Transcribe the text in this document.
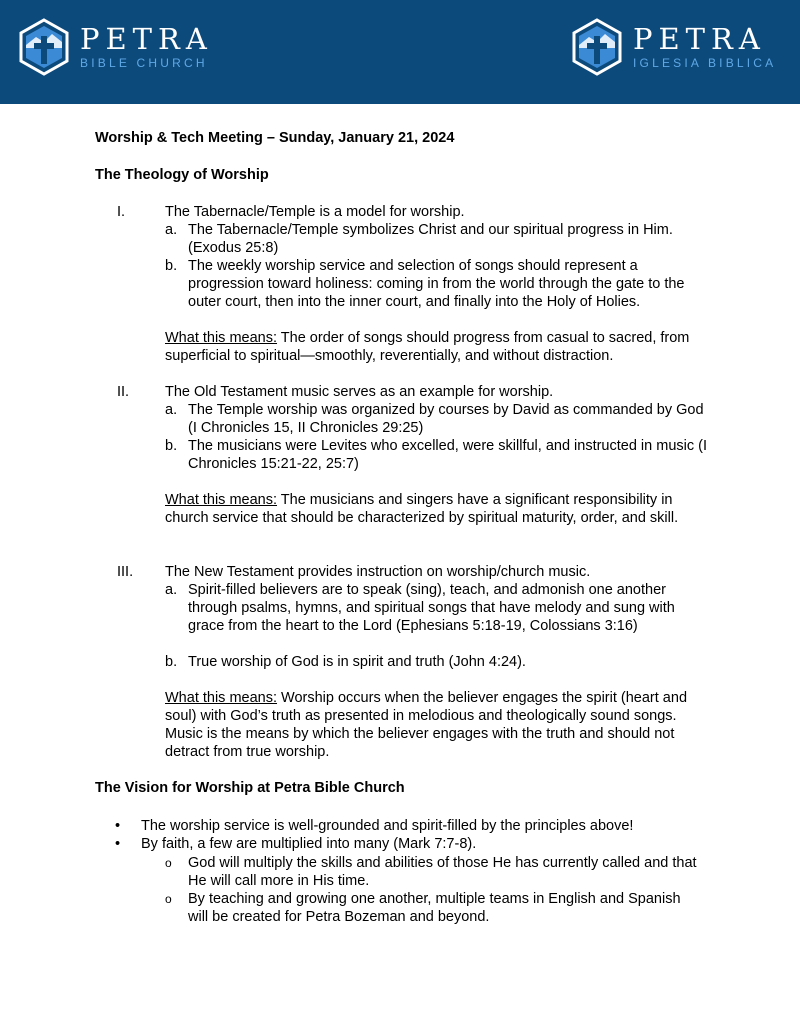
PETRA
BIBLE CHURCH
PETRA
IGLESIA BIBLICA

Worship & Tech Meeting – Sunday, January 21, 2024

The Theology of Worship

I.	The Tabernacle/Temple is a model for worship.
a. The Tabernacle/Temple symbolizes Christ and our spiritual progress in Him. (Exodus 25:8)
b. The weekly worship service and selection of songs should represent a progression toward holiness: coming in from the world through the gate to the outer court, then into the inner court, and finally into the Holy of Holies.
What this means: The order of songs should progress from casual to sacred, from superficial to spiritual—smoothly, reverentially, and without distraction.
II. The Old Testament music serves as an example for worship.
a. The Temple worship was organized by courses by David as commanded by God (I Chronicles 15, II Chronicles 29:25)
b. The musicians were Levites who excelled, were skillful, and instructed in music (I Chronicles 15:21-22, 25:7)
What this means: The musicians and singers have a significant responsibility in church service that should be characterized by spiritual maturity, order, and skill.
III. The New Testament provides instruction on worship/church music.
a. Spirit-filled believers are to speak (sing), teach, and admonish one another through psalms, hymns, and spiritual songs that have melody and sung with grace from the heart to the Lord (Ephesians 5:18-19, Colossians 3:16)
b. True worship of God is in spirit and truth (John 4:24).
What this means: Worship occurs when the believer engages the spirit (heart and soul) with God’s truth as presented in melodious and theologically sound songs. Music is the means by which the believer engages with the truth and should not detract from true worship.

The Vision for Worship at Petra Bible Church

• The worship service is well-grounded and spirit-filled by the principles above!
• By faith, a few are multiplied into many (Mark 7:7-8).
o God will multiply the skills and abilities of those He has currently called and that He will call more in His time.
o By teaching and growing one another, multiple teams in English and Spanish will be created for Petra Bozeman and beyond.
